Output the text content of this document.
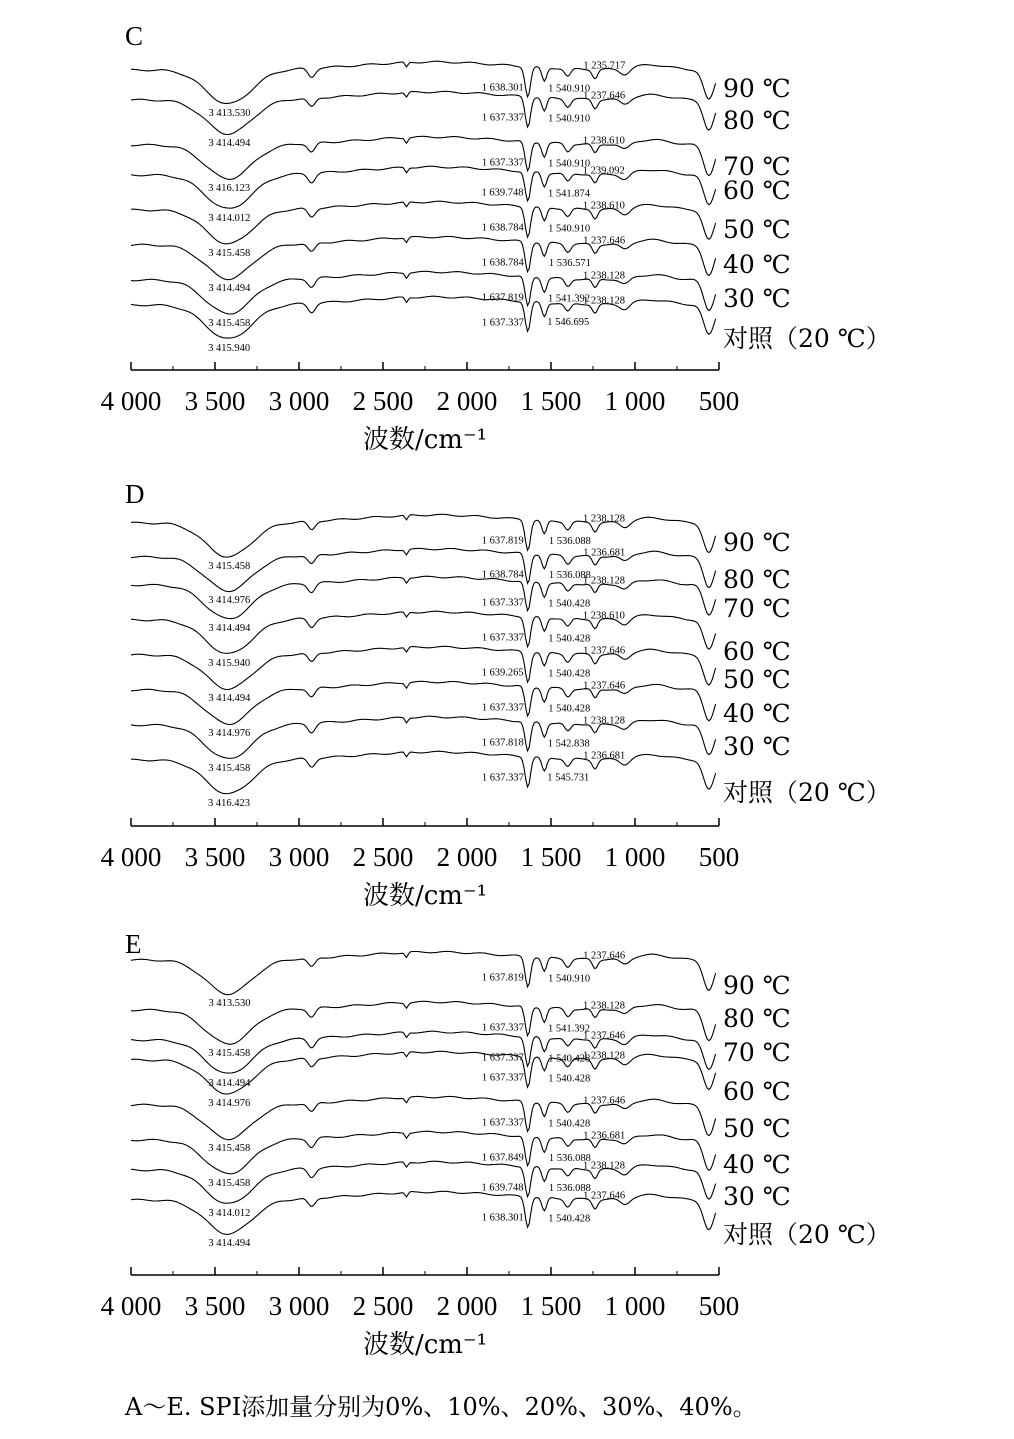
C
4 000 3 500 3 000 2 500 2 000 1 500 1 000 500
波数/cm⁻¹
90 ℃
3 413.530
1 638.301 1 540.910
1 235.717
80 ℃
3 414.494
1 637.337 1 540.910
1 237.646
70 ℃
3 416.123
1 637.337 1 540.910
1 238.610
60 ℃
3 414.012
1 639.748 1 541.874
1 239.092
50 ℃
3 415.458
1 638.784 1 540.910
1 238.610
40 ℃
3 414.494
1 638.784 1 536.571
1 237.646
30 ℃
3 415.458
1 637.819 1 541.392
1 238.128
对照（20 ℃）
3 415.940
1 637.337 1 546.695
1 238.128
D
4 000 3 500 3 000 2 500 2 000 1 500 1 000 500
波数/cm⁻¹
90 ℃
3 415.458
1 637.819 1 536.088
1 238.128
80 ℃
3 414.976
1 638.784 1 536.088
1 236.681
70 ℃
3 414.494
1 637.337 1 540.428
1 238.128
60 ℃
3 415.940
1 637.337 1 540.428
1 238.610
50 ℃
3 414.494
1 639.265 1 540.428
1 237.646
40 ℃
3 414.976
1 637.337 1 540.428
1 237.646
30 ℃
3 415.458
1 637.818 1 542.838
1 238.128
对照（20 ℃）
3 416.423
1 637.337 1 545.731
1 236.681
E
4 000 3 500 3 000 2 500 2 000 1 500 1 000 500
波数/cm⁻¹
90 ℃
3 413.530
1 637.819 1 540.910
1 237.646
80 ℃
3 415.458
1 637.337 1 541.392
1 238.128
70 ℃
3 414.494
1 637.337 1 540.428
1 237.646
60 ℃
3 414.976
1 637.337 1 540.428
1 238.128
50 ℃
3 415.458
1 637.337 1 540.428
1 237.646
40 ℃
3 415.458
1 637.849 1 536.088
1 236.681
30 ℃
3 414.012
1 639.748 1 536.088
1 238.128
对照（20 ℃）
3 414.494
1 638.301 1 540.428
1 237.646
A～E. SPI添加量分别为0%、10%、20%、30%、40%。
